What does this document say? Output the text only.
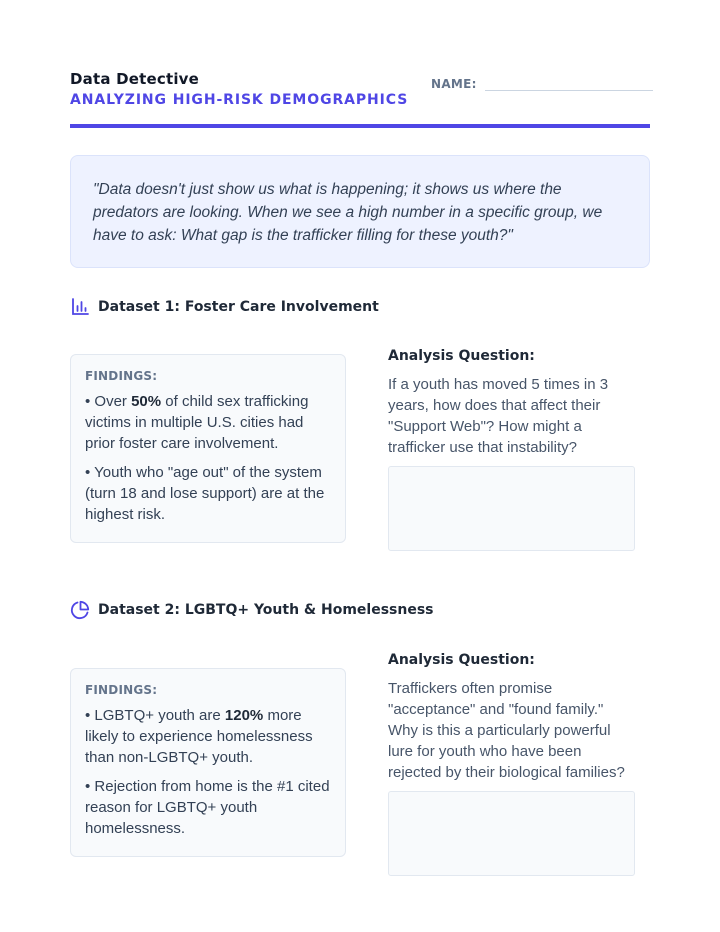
Data Detective
ANALYZING HIGH-RISK DEMOGRAPHICS
NAME:
"Data doesn't just show us what is happening; it shows us where the predators are looking. When we see a high number in a specific group, we have to ask: What gap is the trafficker filling for these youth?"
Dataset 1: Foster Care Involvement
FINDINGS:

• Over 50% of child sex trafficking victims in multiple U.S. cities had prior foster care involvement.

• Youth who "age out" of the system (turn 18 and lose support) are at the highest risk.

Analysis Question:
If a youth has moved 5 times in 3 years, how does that affect their "Support Web"? How might a trafficker use that instability?
Dataset 2: LGBTQ+ Youth & Homelessness
FINDINGS:

• LGBTQ+ youth are 120% more likely to experience homelessness than non-LGBTQ+ youth.

• Rejection from home is the #1 cited reason for LGBTQ+ youth homelessness.

Analysis Question:
Traffickers often promise "acceptance" and "found family." Why is this a particularly powerful lure for youth who have been rejected by their biological families?
